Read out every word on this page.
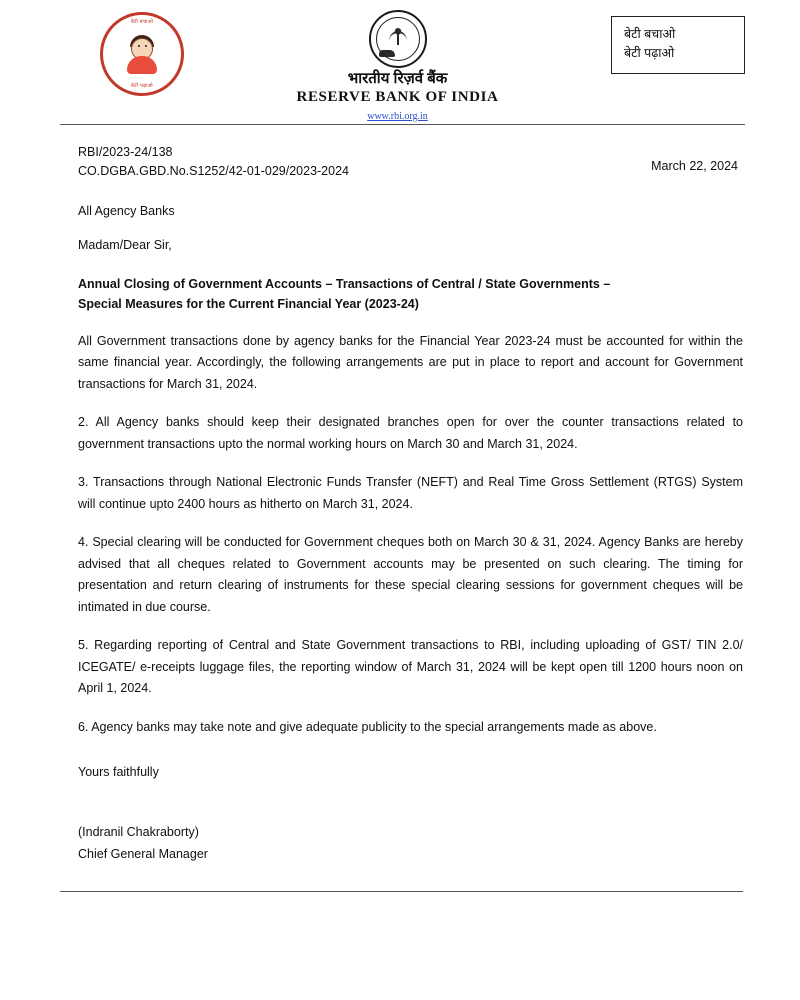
बेटी बचाओ
बेटी पढ़ाओ	भारतीय रिज़र्व बैंक
RESERVE BANK OF INDIA
www.rbi.org.in
बेटी बचाओ
बेटी पढ़ाओ
RBI/2023-24/138
CO.DGBA.GBD.No.S1252/42-01-029/2023-2024	March 22, 2024
All Agency Banks
Madam/Dear Sir,
Annual Closing of Government Accounts – Transactions of Central / State Governments –
Special Measures for the Current Financial Year (2023-24)

All Government transactions done by agency banks for the Financial Year 2023-24 must be accounted for within the same financial year. Accordingly, the following arrangements are put in place to report and account for Government transactions for March 31, 2024.

2. All Agency banks should keep their designated branches open for over the counter transactions related to government transactions upto the normal working hours on March 30 and March 31, 2024.

3. Transactions through National Electronic Funds Transfer (NEFT) and Real Time Gross Settlement (RTGS) System will continue upto 2400 hours as hitherto on March 31, 2024.

4. Special clearing will be conducted for Government cheques both on March 30 & 31, 2024. Agency Banks are hereby advised that all cheques related to Government accounts may be presented on such clearing. The timing for presentation and return clearing of instruments for these special clearing sessions for government cheques will be intimated in due course.

5. Regarding reporting of Central and State Government transactions to RBI, including uploading of GST/ TIN 2.0/ ICEGATE/ e-receipts luggage files, the reporting window of March 31, 2024 will be kept open till 1200 hours noon on April 1, 2024.

6. Agency banks may take note and give adequate publicity to the special arrangements made as above.

Yours faithfully
(Indranil Chakraborty)
Chief General Manager
